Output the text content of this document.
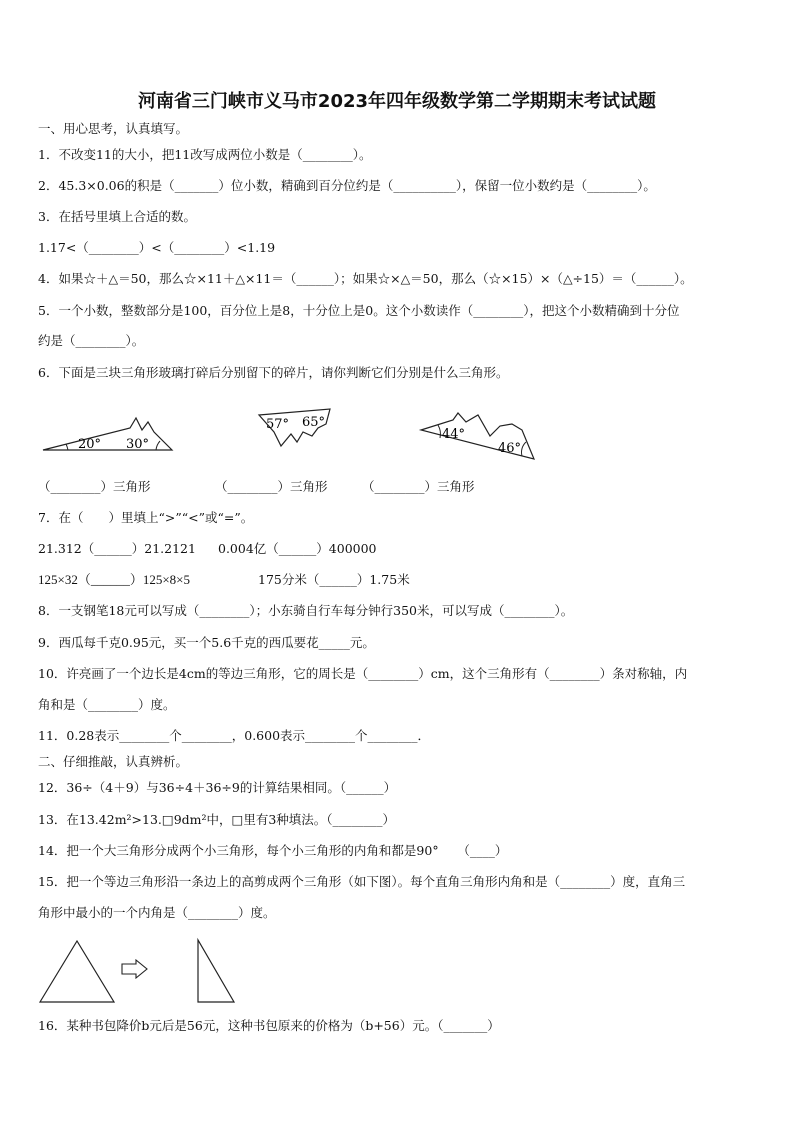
河南省三门峡市义马市2023年四年级数学第二学期期末考试试题
一、用心思考，认真填写。
1．不改变11的大小，把11改写成两位小数是（________）。
2．45.3×0.06的积是（_______）位小数，精确到百分位约是（__________），保留一位小数约是（________）。
3．在括号里填上合适的数。
1.17<（________）<（________）<1.19
4．如果☆＋△＝50，那么☆×11＋△×11＝（______）；如果☆×△＝50，那么（☆×15）×（△÷15）＝（______）。
5．一个小数，整数部分是100，百分位上是8，十分位上是0。这个小数读作（________），把这个小数精确到十分位
约是（________）。
6．下面是三块三角形玻璃打碎后分别留下的碎片，请你判断它们分别是什么三角形。
20° 30°
57° 65°
44°
46°
（________）三角形	（________）三角形	（________）三角形
7．在（　　）里填上“>”“<”或“=”。
21.312（______）21.2121 0.004亿（______）400000
125×32（______）125×8×5	175分米（______）1.75米
8．一支钢笔18元可以写成（________）；小东骑自行车每分钟行350米，可以写成（________）。
9．西瓜每千克0.95元，买一个5.6千克的西瓜要花_____元。
10．许亮画了一个边长是4cm的等边三角形，它的周长是（________）cm，这个三角形有（________）条对称轴，内
角和是（________）度。
11．0.28表示________个________，0.600表示________个________．
二、仔细推敲，认真辨析。
12．36÷（4＋9）与36÷4＋36÷9的计算结果相同。（______）
13．在13.42m²>13.□9dm²中，□里有3种填法。（________）
14．把一个大三角形分成两个小三角形，每个小三角形的内角和都是90°　　（____）
15．把一个等边三角形沿一条边上的高剪成两个三角形（如下图）。每个直角三角形内角和是（________）度，直角三
角形中最小的一个内角是（________）度。
16．某种书包降价b元后是56元，这种书包原来的价格为（b+56）元。（_______）
